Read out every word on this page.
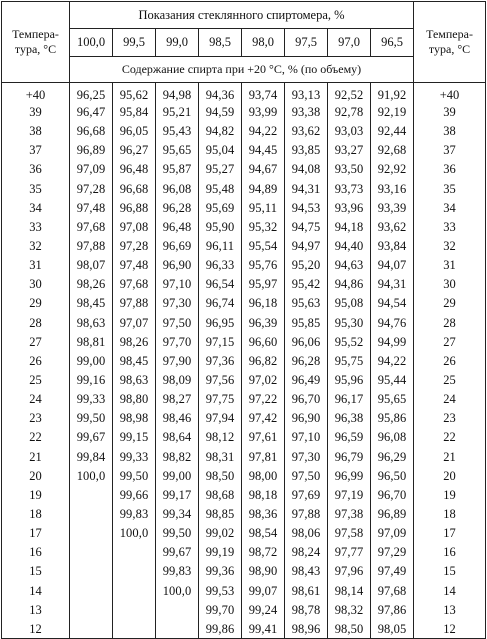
Темпера-
тура, °C	Показания стеклянного спиртомера, %								Темпера-
тура, °C

	100,0	99,5	99,0	98,5	98,0	97,5	97,0	96,5	
	Содержание спирта при +20 °C, % (по объему)								
+40	96,25	95,62	94,98	94,36	93,74	93,13	92,52	91,92	+40
39	96,47	95,84	95,21	94,59	93,99	93,38	92,78	92,19	39
38	96,68	96,05	95,43	94,82	94,22	93,62	93,03	92,44	38
37	96,89	96,27	95,65	95,04	94,45	93,85	93,27	92,68	37
36	97,09	96,48	95,87	95,27	94,67	94,08	93,50	92,92	36
35	97,28	96,68	96,08	95,48	94,89	94,31	93,73	93,16	35
34	97,48	96,88	96,28	95,69	95,11	94,53	93,96	93,39	34
33	97,68	97,08	96,48	95,90	95,32	94,75	94,18	93,62	33
32	97,88	97,28	96,69	96,11	95,54	94,97	94,40	93,84	32
31	98,07	97,48	96,90	96,33	95,76	95,20	94,63	94,07	31
30	98,26	97,68	97,10	96,54	95,97	95,42	94,86	94,31	30
29	98,45	97,88	97,30	96,74	96,18	95,63	95,08	94,54	29
28	98,63	97,07	97,50	96,95	96,39	95,85	95,30	94,76	28
27	98,81	98,26	97,70	97,15	96,60	96,06	95,52	94,99	27
26	99,00	98,45	97,90	97,36	96,82	96,28	95,75	94,22	26
25	99,16	98,63	98,09	97,56	97,02	96,49	95,96	95,44	25
24	99,33	98,80	98,27	97,75	97,22	96,70	96,17	95,65	24
23	99,50	98,98	98,46	97,94	97,42	96,90	96,38	95,86	23
22	99,67	99,15	98,64	98,12	97,61	97,10	96,59	96,08	22
21	99,84	99,33	98,82	98,31	97,81	97,30	96,79	96,29	21
20	100,0	99,50	99,00	98,50	98,00	97,50	96,99	96,50	20
19		99,66	99,17	98,68	98,18	97,69	97,19	96,70	19
18		99,83	99,34	98,85	98,36	97,88	97,38	96,89	18
17		100,0	99,50	99,02	98,54	98,06	97,58	97,09	17
16			99,67	99,19	98,72	98,24	97,77	97,29	16
15			99,83	99,36	98,90	98,43	97,96	97,49	15
14			100,0	99,53	99,07	98,61	98,14	97,68	14
13				99,70	99,24	98,78	98,32	97,86	13
12				99,86	99,41	98,96	98,50	98,05	12
